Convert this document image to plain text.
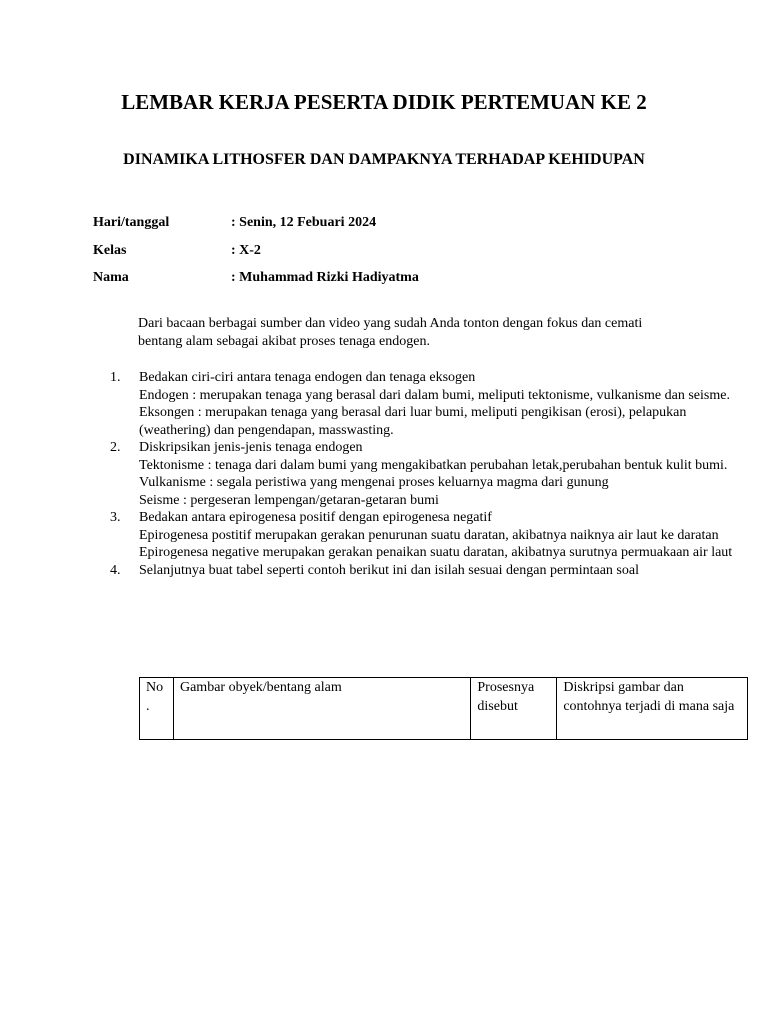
LEMBAR KERJA PESERTA DIDIK PERTEMUAN KE 2
DINAMIKA LITHOSFER DAN DAMPAKNYA TERHADAP KEHIDUPAN
Hari/tanggal	: Senin, 12 Febuari 2024
Kelas	: X-2
Nama	: Muhammad Rizki Hadiyatma
Dari bacaan berbagai sumber dan video yang sudah Anda tonton dengan fokus dan cemati bentang alam sebagai akibat proses tenaga endogen.
1. Bedakan ciri-ciri antara tenaga endogen dan tenaga eksogen

Endogen : merupakan tenaga yang berasal dari dalam bumi, meliputi tektonisme, vulkanisme dan seisme.

Eksongen : merupakan tenaga yang berasal dari luar bumi, meliputi pengikisan (erosi), pelapukan (weathering) dan pengendapan, masswasting.

2. Diskripsikan jenis-jenis tenaga endogen

Tektonisme : tenaga dari dalam bumi yang mengakibatkan perubahan letak,perubahan bentuk kulit bumi.

Vulkanisme : segala peristiwa yang mengenai proses keluarnya magma dari gunung

Seisme : pergeseran lempengan/getaran-getaran bumi

3. Bedakan antara epirogenesa positif dengan epirogenesa negatif

Epirogenesa postitif merupakan gerakan penurunan suatu daratan, akibatnya naiknya air laut ke daratan

Epirogenesa negative merupakan gerakan penaikan suatu daratan, akibatnya surutnya permuakaan air laut

4. Selanjutnya buat tabel seperti contoh berikut ini dan isilah sesuai dengan permintaan soal

No .	Gambar obyek/bentang alam	Prosesnya disebut	Diskripsi gambar dan contohnya terjadi di mana saja
